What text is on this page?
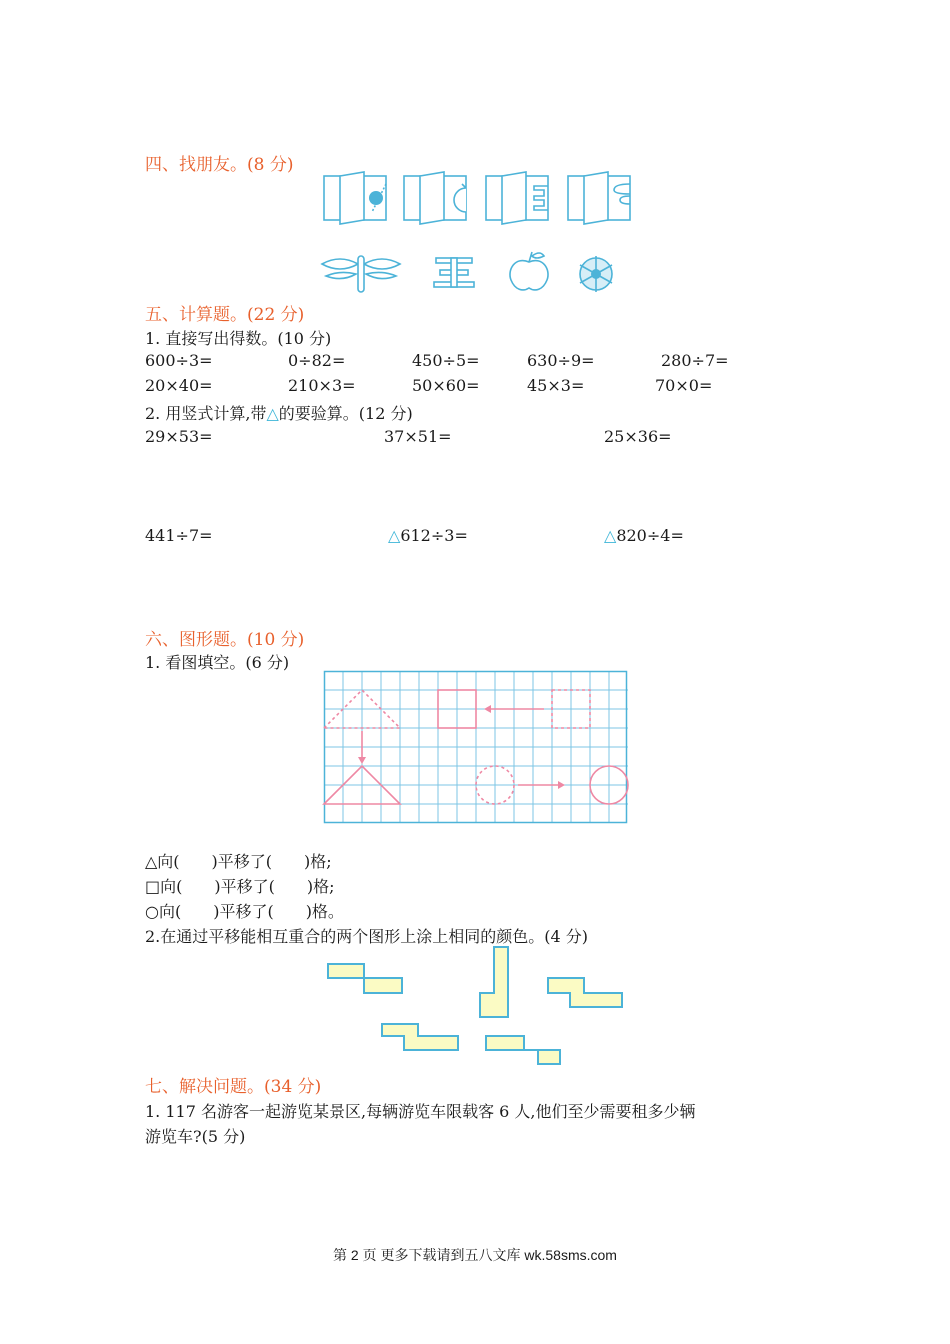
四、找朋友。(8 分)
五、计算题。(22 分)
1. 直接写出得数。(10 分)
600÷3=	0÷82=	450÷5=	630÷9=	280÷7=
20×40=	210×3=	50×60=	45×3=	70×0=
2. 用竖式计算,带△的要验算。(12 分)
29×53=	37×51=	25×36=
441÷7=	△612÷3=	△820÷4=
六、图形题。(10 分)
1. 看图填空。(6 分)
△向(　　)平移了(　　)格;
□向(　　)平移了(　　)格;
○向(　　)平移了(　　)格。
2.在通过平移能相互重合的两个图形上涂上相同的颜色。(4 分)
七、解决问题。(34 分)
1. 117 名游客一起游览某景区,每辆游览车限载客 6 人,他们至少需要租多少辆
游览车?(5 分)
第 2 页 更多下载请到五八文库 wk.58sms.com
